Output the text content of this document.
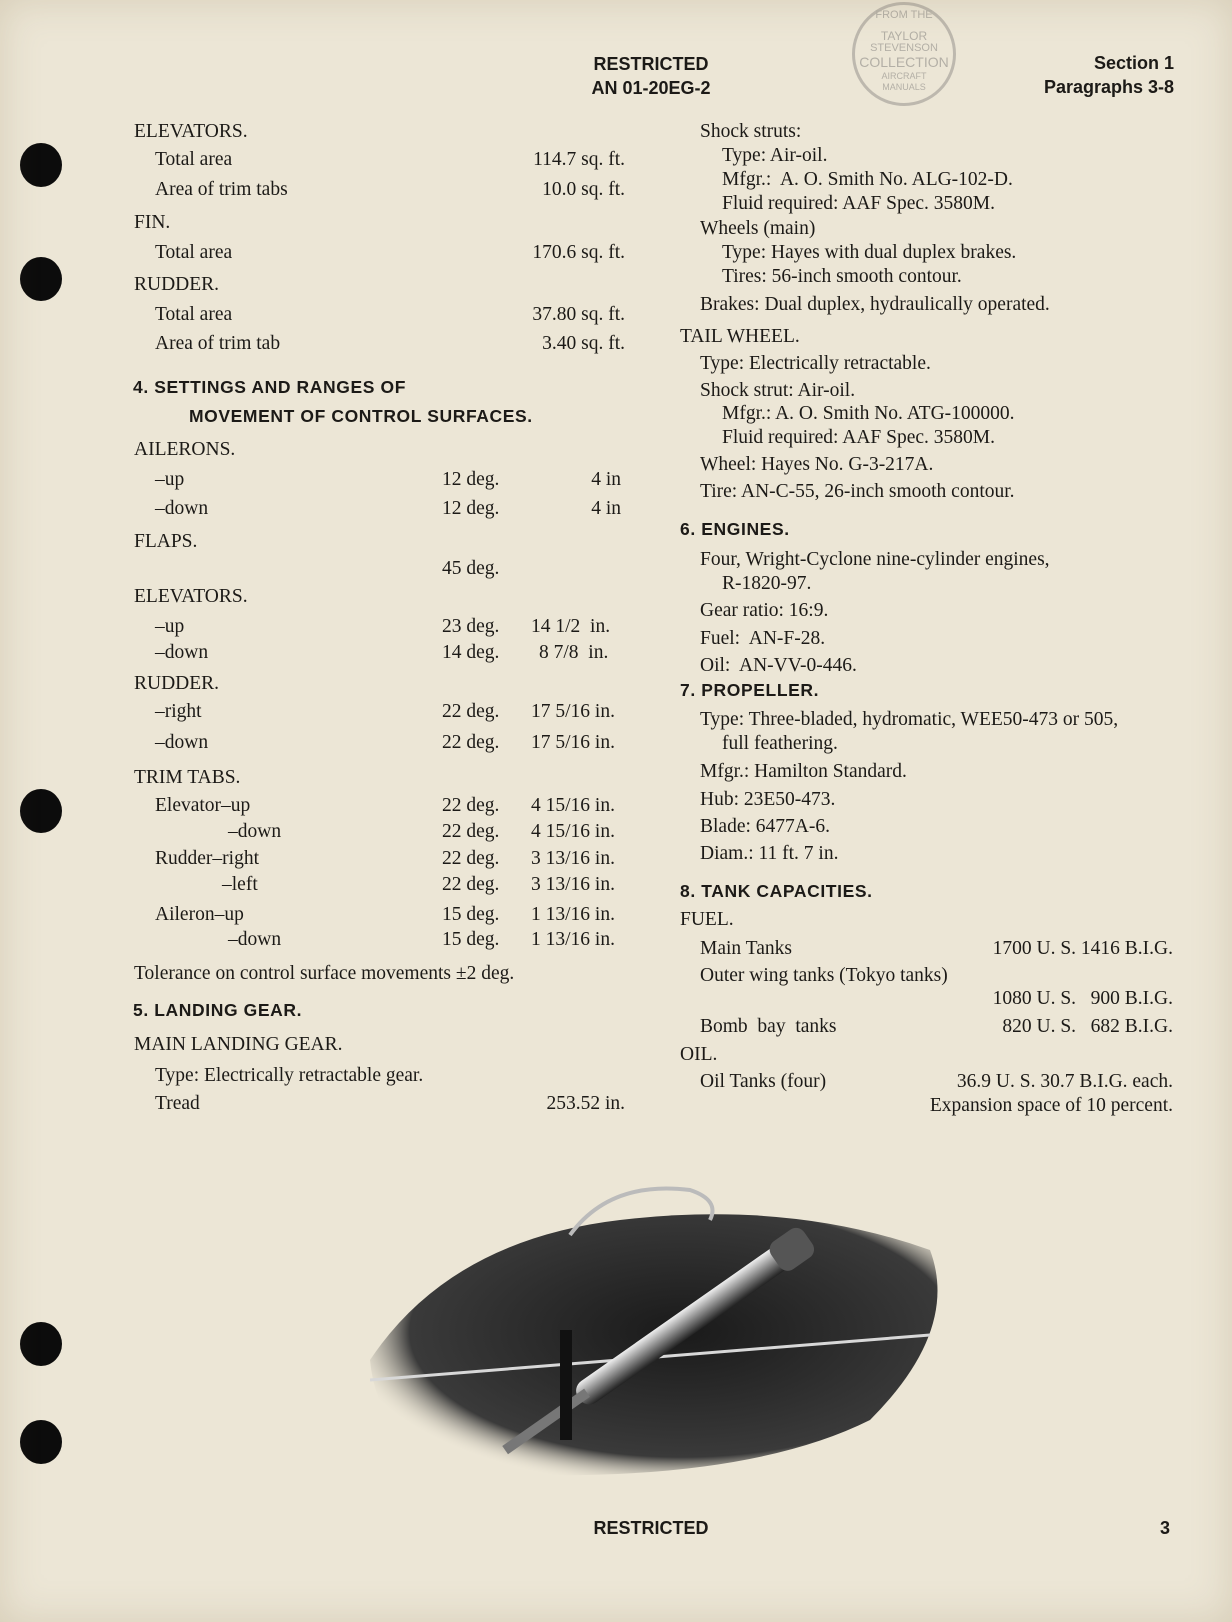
RESTRICTED
AN 01-20EG-2
Section 1
Paragraphs 3-8
FROM THE
TAYLOR
STEVENSON
COLLECTION
AIRCRAFT
MANUALS
ELEVATORS.
Total area	114.7 sq. ft.
Area of trim tabs	10.0 sq. ft.
FIN.
Total area	170.6 sq. ft.
RUDDER.
Total area	37.80 sq. ft.
Area of trim tab	3.40 sq. ft.
4. SETTINGS AND RANGES OF
MOVEMENT OF CONTROL SURFACES.
AILERONS.
–up	12 deg.	4 in
–down	12 deg.	4 in
FLAPS.
45 deg.
ELEVATORS.
–up	23 deg. 14 1/2  in.
–down	14 deg. 8 7/8  in.
RUDDER.
–right	22 deg. 17 5/16 in.
–down	22 deg. 17 5/16 in.
TRIM TABS.
Elevator–up	22 deg. 4 15/16 in.
–down	22 deg. 4 15/16 in.
Rudder–right	22 deg. 3 13/16 in.
–left	22 deg. 3 13/16 in.
Aileron–up	15 deg. 1 13/16 in.
–down	15 deg. 1 13/16 in.
Tolerance on control surface movements ±2 deg.
5. LANDING GEAR.
MAIN LANDING GEAR.
Type: Electrically retractable gear.
Tread	253.52 in.
Shock struts:
Type: Air-oil.
Mfgr.:  A. O. Smith No. ALG-102-D.
Fluid required: AAF Spec. 3580M.
Wheels (main)
Type: Hayes with dual duplex brakes.
Tires: 56-inch smooth contour.
Brakes: Dual duplex, hydraulically operated.
TAIL WHEEL.
Type: Electrically retractable.
Shock strut: Air-oil.
Mfgr.: A. O. Smith No. ATG-100000.
Fluid required: AAF Spec. 3580M.
Wheel: Hayes No. G-3-217A.
Tire: AN-C-55, 26-inch smooth contour.
6. ENGINES.
Four, Wright-Cyclone nine-cylinder engines,
R-1820-97.
Gear ratio: 16:9.
Fuel:  AN-F-28.
Oil:  AN-VV-0-446.
7. PROPELLER.
Type: Three-bladed, hydromatic, WEE50-473 or 505,
full feathering.
Mfgr.: Hamilton Standard.
Hub: 23E50-473.
Blade: 6477A-6.
Diam.: 11 ft. 7 in.
8. TANK CAPACITIES.
FUEL.
Main Tanks	1700 U. S. 1416 B.I.G.
Outer wing tanks (Tokyo tanks)
1080 U. S.   900 B.I.G.
Bomb  bay  tanks	820 U. S.   682 B.I.G.
OIL.
Oil Tanks (four)	36.9 U. S. 30.7 B.I.G. each.
Expansion space of 10 percent.
RESTRICTED	3
